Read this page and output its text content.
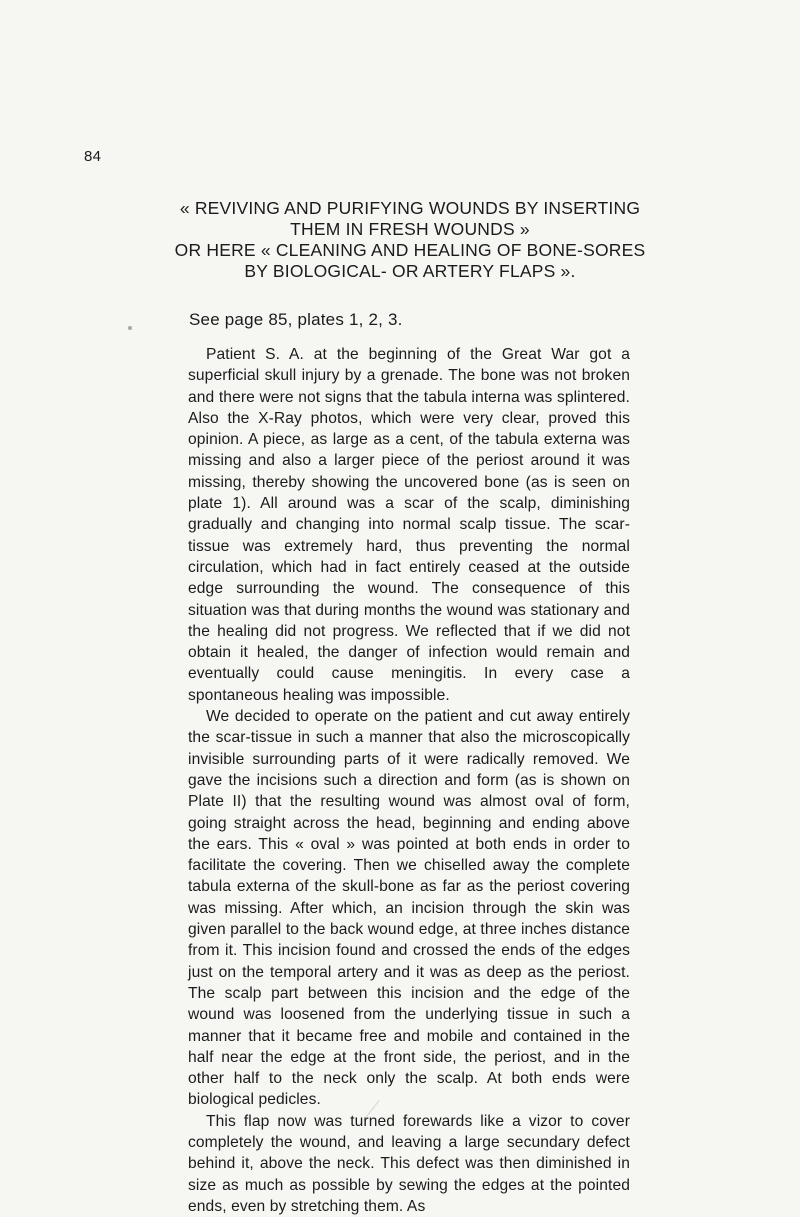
84
« REVIVING AND PURIFYING WOUNDS BY INSERTING
THEM IN FRESH WOUNDS »
OR HERE « CLEANING AND HEALING OF BONE-SORES
BY BIOLOGICAL- OR ARTERY FLAPS ».
See page 85, plates 1, 2, 3.

Patient S. A. at the beginning of the Great War got a superficial skull injury by a grenade. The bone was not broken and there were not signs that the tabula interna was splintered. Also the X-Ray photos, which were very clear, proved this opinion. A piece, as large as a cent, of the tabula externa was missing and also a larger piece of the periost around it was missing, thereby showing the uncovered bone (as is seen on plate 1). All around was a scar of the scalp, diminishing gradually and changing into normal scalp tissue. The scar-tissue was extremely hard, thus preventing the normal circulation, which had in fact entirely ceased at the outside edge surrounding the wound. The consequence of this situation was that during months the wound was stationary and the healing did not progress. We reflected that if we did not obtain it healed, the danger of infection would remain and eventually could cause meningitis. In every case a spontaneous healing was impossible.

We decided to operate on the patient and cut away entirely the scar-tissue in such a manner that also the microscopically invisible surrounding parts of it were radically removed. We gave the incisions such a direction and form (as is shown on Plate II) that the resulting wound was almost oval of form, going straight across the head, beginning and ending above the ears. This « oval » was pointed at both ends in order to facilitate the covering. Then we chiselled away the complete tabula externa of the skull-bone as far as the periost covering was missing. After which, an incision through the skin was given parallel to the back wound edge, at three inches distance from it. This incision found and crossed the ends of the edges just on the temporal artery and it was as deep as the periost. The scalp part between this incision and the edge of the wound was loosened from the underlying tissue in such a manner that it became free and mobile and contained in the half near the edge at the front side, the periost, and in the other half to the neck only the scalp. At both ends were biological pedicles.

This flap now was turned forewards like a vizor to cover completely the wound, and leaving a large secundary defect behind it, above the neck. This defect was then diminished in size as much as possible by sewing the edges at the pointed ends, even by stretching them. As
